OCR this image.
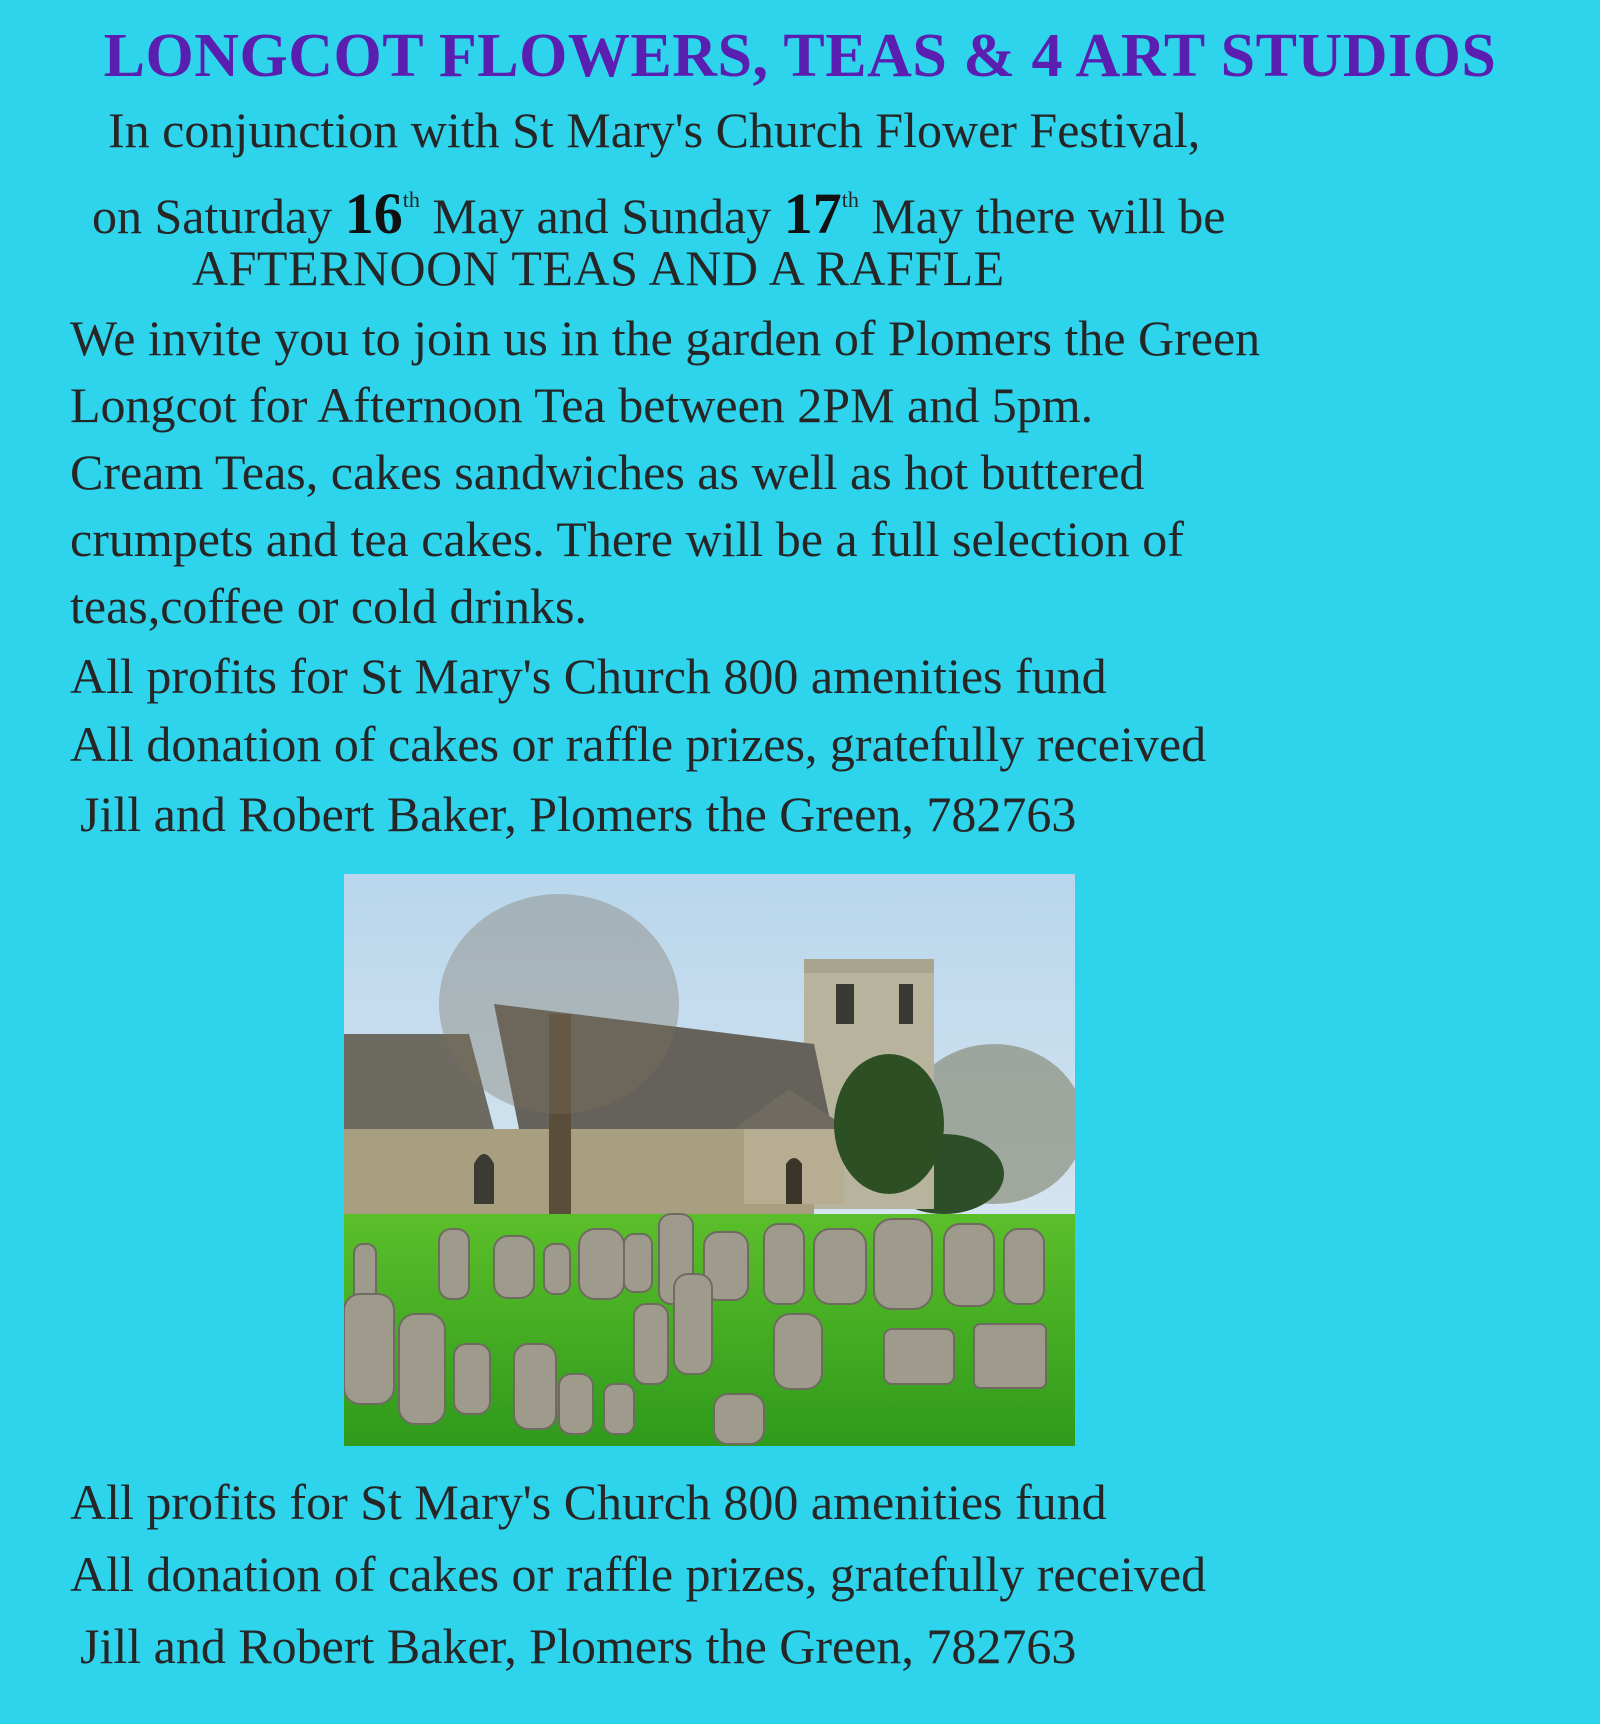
LONGCOT FLOWERS, TEAS & 4 ART STUDIOS
In conjunction with St Mary's Church Flower Festival,
on Saturday 16th May and Sunday 17th May there will be
AFTERNOON TEAS AND A RAFFLE
We invite you to join us in the garden of Plomers the Green
Longcot for Afternoon Tea between 2PM and 5pm.
Cream Teas, cakes sandwiches as well as hot buttered
crumpets and tea cakes. There will be a full selection of
teas,coffee or cold drinks.
All profits for St Mary's Church 800 amenities fund
All donation of cakes or raffle prizes, gratefully received
Jill and Robert Baker, Plomers the Green, 782763
All profits for St Mary's Church 800 amenities fund
All donation of cakes or raffle prizes, gratefully received
Jill and Robert Baker, Plomers the Green, 782763
